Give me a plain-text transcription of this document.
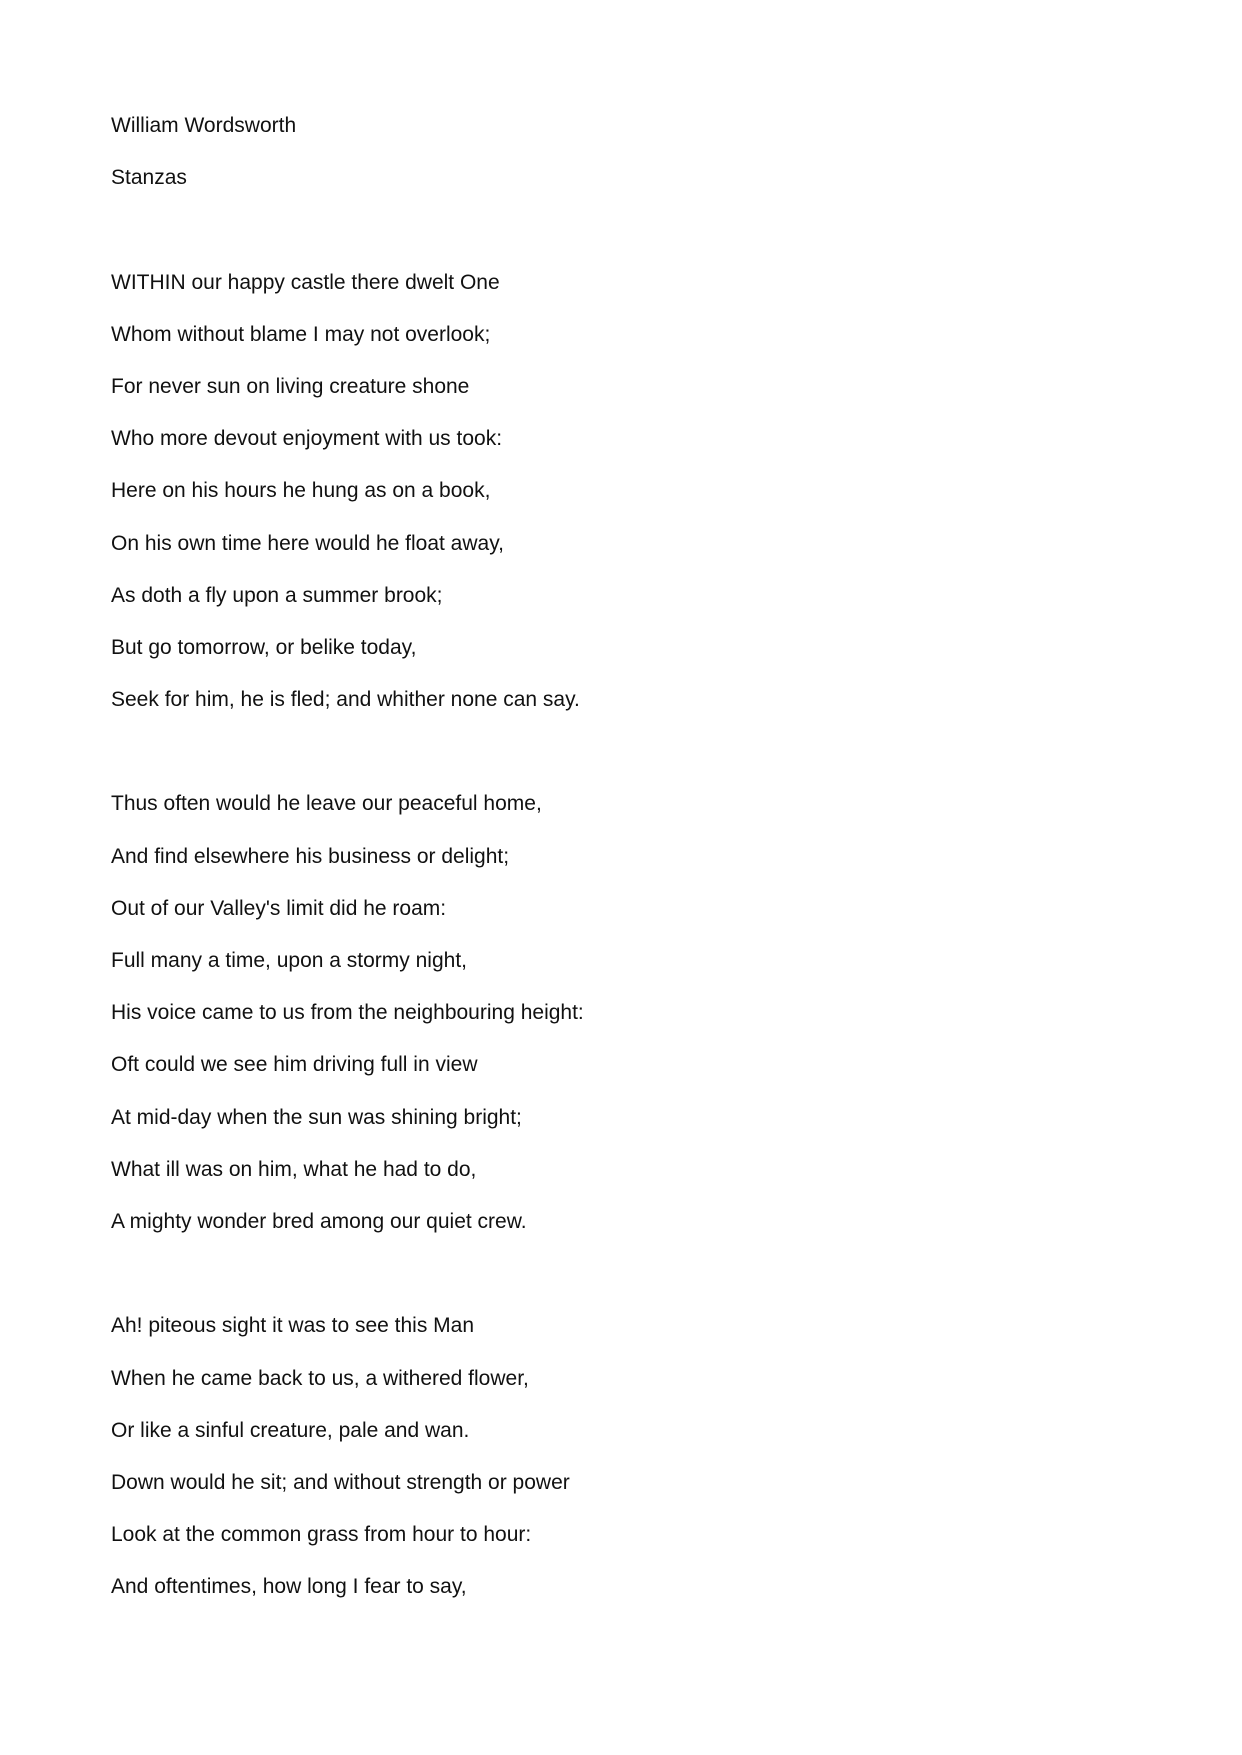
William Wordsworth
Stanzas
WITHIN our happy castle there dwelt One
Whom without blame I may not overlook;
For never sun on living creature shone
Who more devout enjoyment with us took:
Here on his hours he hung as on a book,
On his own time here would he float away,
As doth a fly upon a summer brook;
But go tomorrow, or belike today,
Seek for him, he is fled; and whither none can say.
Thus often would he leave our peaceful home,
And find elsewhere his business or delight;
Out of our Valley's limit did he roam:
Full many a time, upon a stormy night,
His voice came to us from the neighbouring height:
Oft could we see him driving full in view
At mid-day when the sun was shining bright;
What ill was on him, what he had to do,
A mighty wonder bred among our quiet crew.
Ah! piteous sight it was to see this Man
When he came back to us, a withered flower,
Or like a sinful creature, pale and wan.
Down would he sit; and without strength or power
Look at the common grass from hour to hour:
And oftentimes, how long I fear to say,
